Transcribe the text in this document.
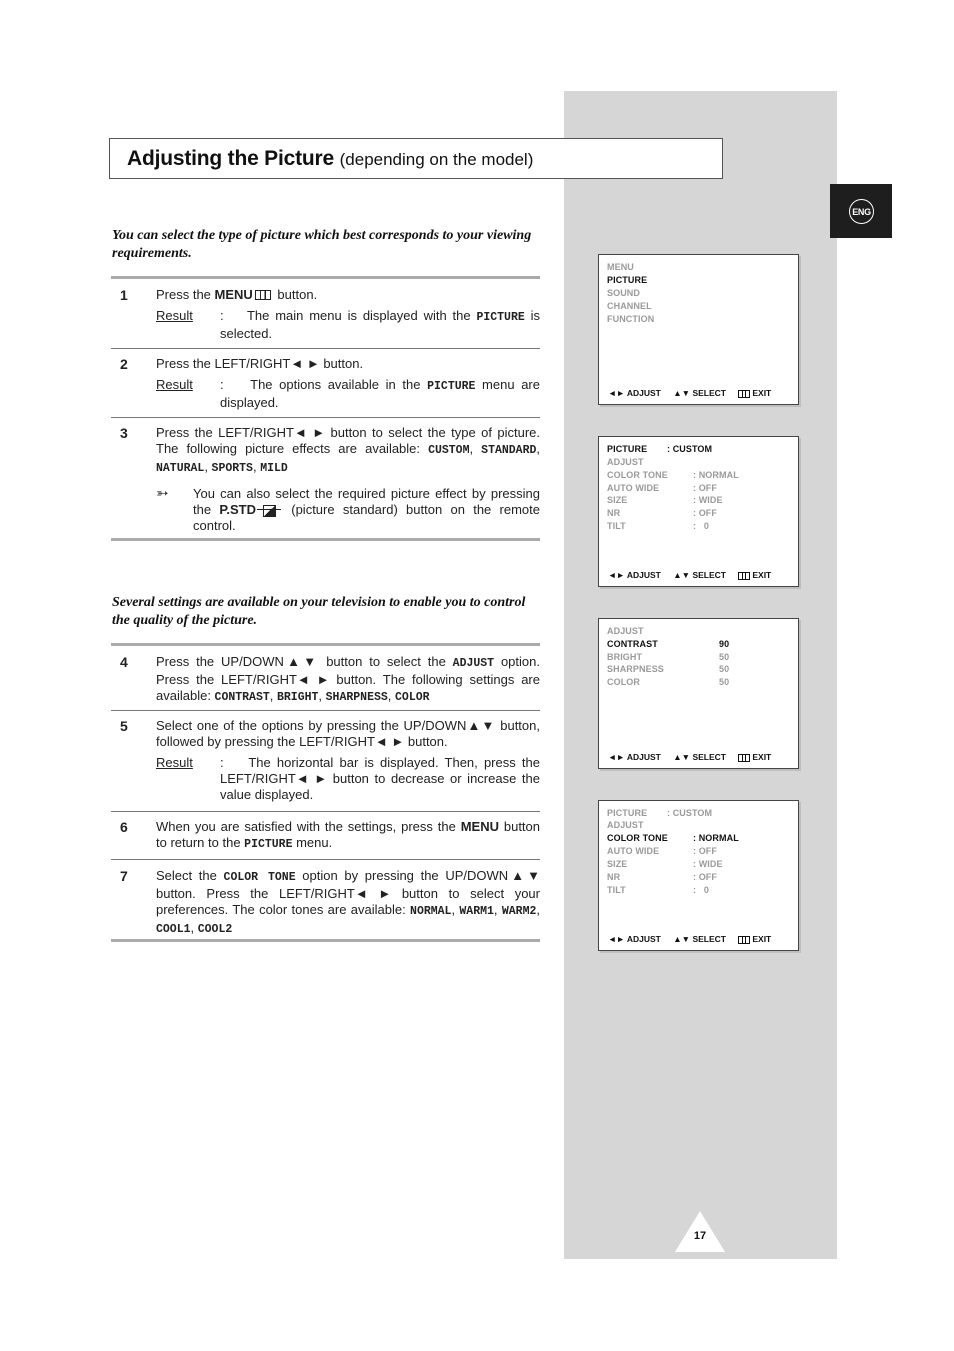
ENG
Adjusting the Picture (depending on the model)
You can select the type of picture which best corresponds to your viewing requirements.
1 Press the MENU button.
Result :    The main menu is displayed with the PICTURE is selected.
2 Press the LEFT/RIGHT◄ ► button.
Result :    The options available in the PICTURE menu are displayed.
3 Press the LEFT/RIGHT◄ ► button to select the type of picture. The following picture effects are available: CUSTOM, STANDARD, NATURAL, SPORTS, MILD
➳ You can also select the required picture effect by pressing the P.STD (picture standard) button on the remote control.
Several settings are available on your television to enable you to control the quality of the picture.
4 Press the UP/DOWN▲▼ button to select the ADJUST option. Press the LEFT/RIGHT◄ ► button. The following settings are available: CONTRAST, BRIGHT, SHARPNESS, COLOR
5 Select one of the options by pressing the UP/DOWN▲▼ button, followed by pressing the LEFT/RIGHT◄ ► button.
Result :    The horizontal bar is displayed. Then, press the LEFT/RIGHT◄ ► button to decrease or increase the value displayed.
6 When you are satisfied with the settings, press the MENU button to return to the PICTURE menu.
7 Select the COLOR TONE option by pressing the UP/DOWN▲▼ button. Press the LEFT/RIGHT◄ ► button to select your preferences. The color tones are available: NORMAL, WARM1, WARM2, COOL1, COOL2
MENU
PICTURE
SOUND
CHANNEL
FUNCTION
◄► ADJUST ▲▼ SELECT	EXIT
PICTURE : CUSTOM
ADJUST
COLOR TONE	: NORMAL
AUTO WIDE	: OFF
SIZE	: WIDE
NR	: OFF
TILT	:   0
◄► ADJUST ▲▼ SELECT	EXIT
ADJUST
CONTRAST	90
BRIGHT	50
SHARPNESS	50
COLOR	50
◄► ADJUST ▲▼ SELECT	EXIT
PICTURE : CUSTOM
ADJUST
COLOR TONE	: NORMAL
AUTO WIDE	: OFF
SIZE	: WIDE
NR	: OFF
TILT	:   0
◄► ADJUST ▲▼ SELECT	EXIT
17
